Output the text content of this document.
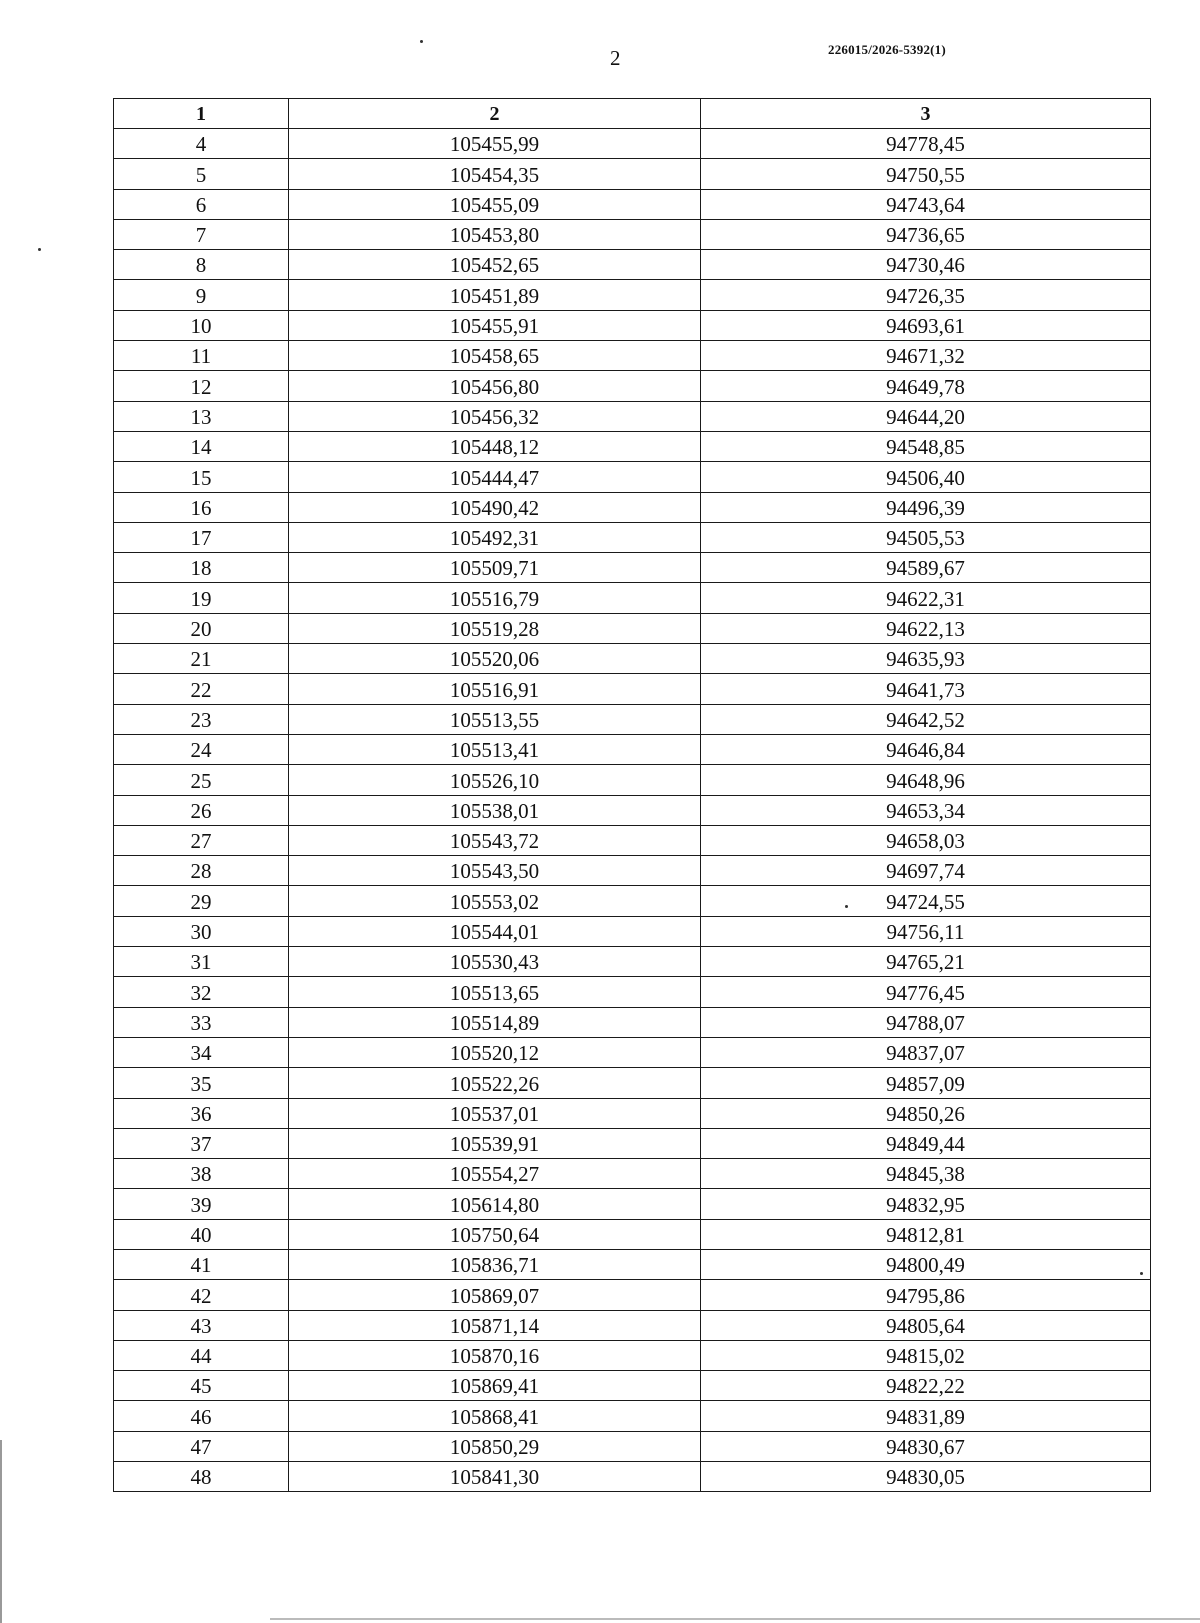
2	226015/2026-5392(1)
1	2	3
4	105455,99	94778,45
5	105454,35	94750,55
6	105455,09	94743,64
7	105453,80	94736,65
8	105452,65	94730,46
9	105451,89	94726,35
10	105455,91	94693,61
11	105458,65	94671,32
12	105456,80	94649,78
13	105456,32	94644,20
14	105448,12	94548,85
15	105444,47	94506,40
16	105490,42	94496,39
17	105492,31	94505,53
18	105509,71	94589,67
19	105516,79	94622,31
20	105519,28	94622,13
21	105520,06	94635,93
22	105516,91	94641,73
23	105513,55	94642,52
24	105513,41	94646,84
25	105526,10	94648,96
26	105538,01	94653,34
27	105543,72	94658,03
28	105543,50	94697,74
29	105553,02	94724,55
30	105544,01	94756,11
31	105530,43	94765,21
32	105513,65	94776,45
33	105514,89	94788,07
34	105520,12	94837,07
35	105522,26	94857,09
36	105537,01	94850,26
37	105539,91	94849,44
38	105554,27	94845,38
39	105614,80	94832,95
40	105750,64	94812,81
41	105836,71	94800,49
42	105869,07	94795,86
43	105871,14	94805,64
44	105870,16	94815,02
45	105869,41	94822,22
46	105868,41	94831,89
47	105850,29	94830,67
48	105841,30	94830,05
